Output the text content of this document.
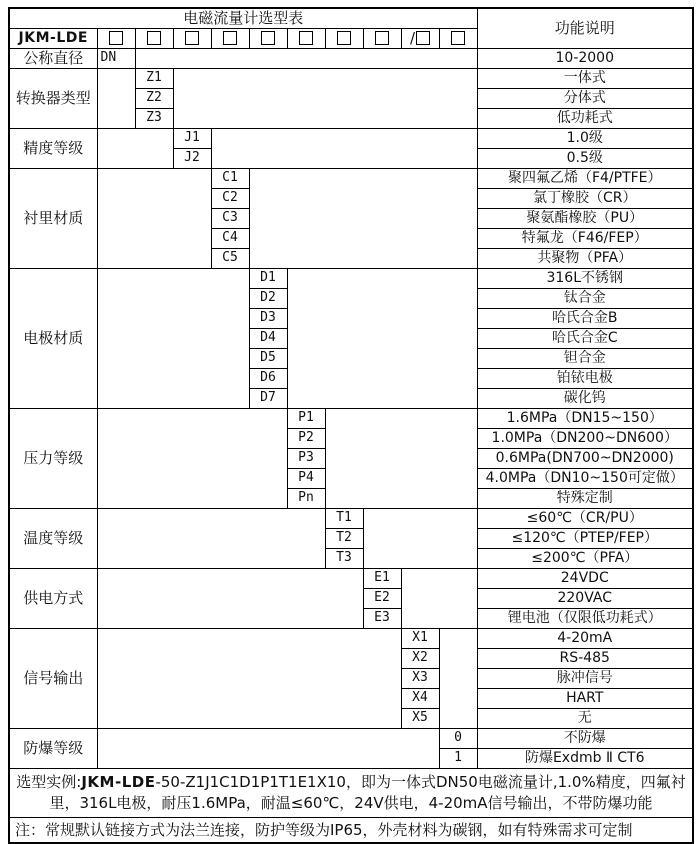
电磁流量计选型表											功能说明
JKM-LDE									/		
公称直径	DN										10-2000
转换器类型		Z1									一体式
		Z2									分体式
		Z3									低功耗式
精度等级			J1								1.0级
			J2								0.5级
衬里材质				C1							聚四氟乙烯（F4/PTFE）
				C2							氯丁橡胶（CR）
				C3							聚氨酯橡胶（PU）
				C4							特氟龙（F46/FEP）
				C5							共聚物（PFA）
电极材质					D1						316L不锈钢
					D2						钛合金
					D3						哈氏合金B
					D4						哈氏合金C
					D5						钽合金
					D6						铂铱电极
					D7						碳化钨
压力等级						P1					1.6MPa（DN15~150）
						P2					1.0MPa（DN200~DN600）
						P3					0.6MPa(DN700~DN2000)
						P4					4.0MPa（DN10~150可定做）
						Pn					特殊定制
温度等级							T1				≤60℃（CR/PU）
							T2				≤120℃（PTEP/FEP）
							T3				≤200℃（PFA）
供电方式								E1			24VDC
								E2			220VAC
								E3			锂电池（仅限低功耗式）
信号输出									X1		4-20mA
									X2		RS-485
									X3		脉冲信号
									X4		HART
									X5		无
防爆等级										0	不防爆
										1	防爆Exdmb Ⅱ CT6
选型实例:JKM-LDE-50-Z1J1C1D1P1T1E1X10，即为一体式DN50电磁流量计,1.0%精度，四氟衬里，316L电极，耐压1.6MPa，耐温≤60℃，24V供电，4-20mA信号输出，不带防爆功能											
注：常规默认链接方式为法兰连接，防护等级为IP65，外壳材料为碳钢，如有特殊需求可定制											
